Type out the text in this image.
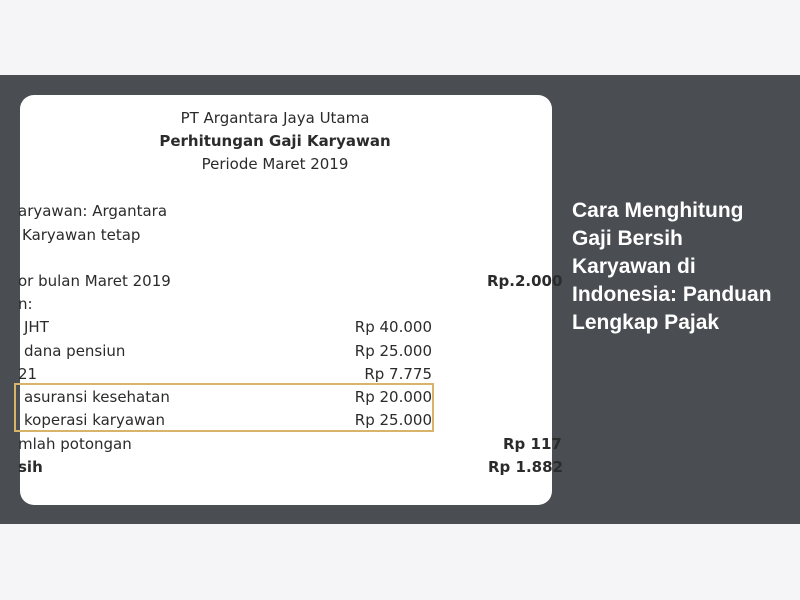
PT Argantara Jaya Utama
Perhitungan Gaji Karyawan
Periode Maret 2019
aryawan: Argantara
Karyawan tetap
or bulan Maret 2019	Rp.2.000
n:
JHT	Rp 40.000
dana pensiun	Rp 25.000
21	Rp 7.775
asuransi kesehatan	Rp 20.000
koperasi karyawan	Rp 25.000
mlah potongan	Rp 117
sih	Rp 1.882
Cara Menghitung Gaji Bersih Karyawan di Indonesia: Panduan Lengkap Pajak
